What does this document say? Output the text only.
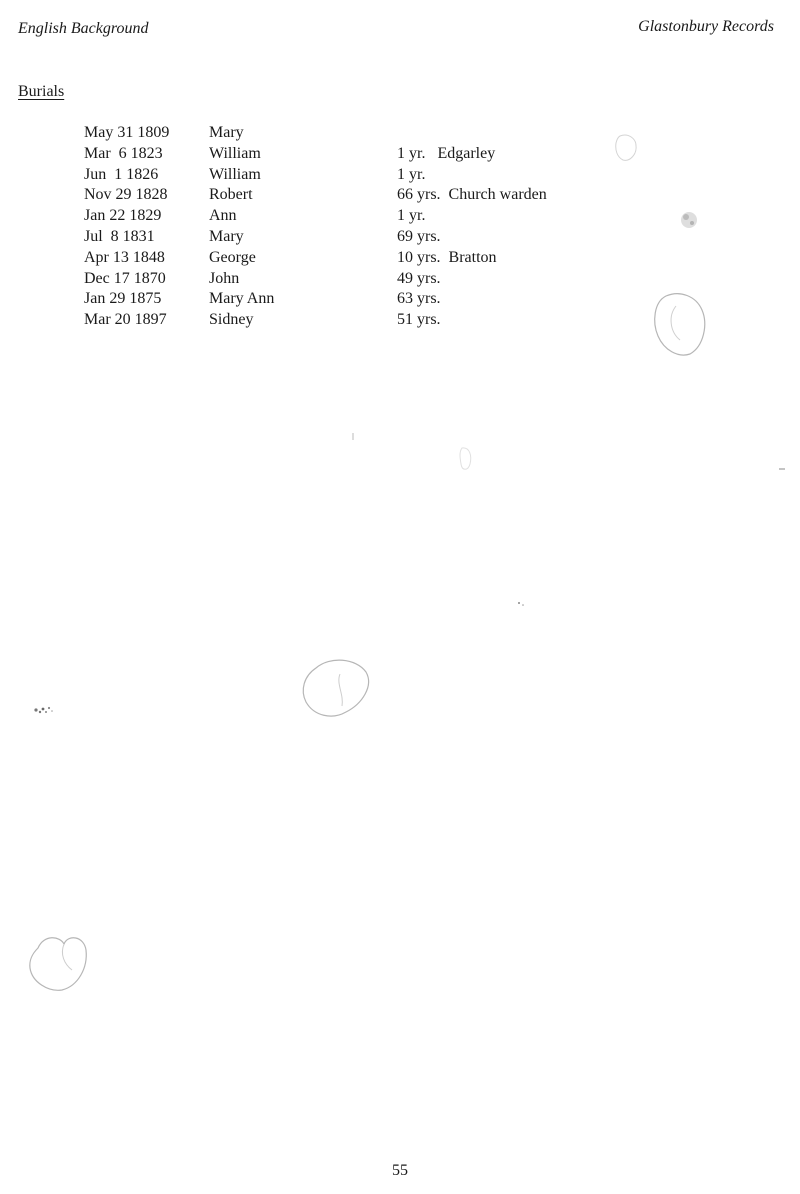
English Background	Glastonbury Records
Burials
May 31 1809	Mary	
Mar  6 1823	William	1 yr.   Edgarley
Jun  1 1826	William	1 yr.
Nov 29 1828	Robert	66 yrs.  Church warden
Jan 22 1829	Ann	1 yr.
Jul  8 1831	Mary	69 yrs.
Apr 13 1848	George	10 yrs.  Bratton
Dec 17 1870	John	49 yrs.
Jan 29 1875	Mary Ann	63 yrs.
Mar 20 1897	Sidney	51 yrs.
55
